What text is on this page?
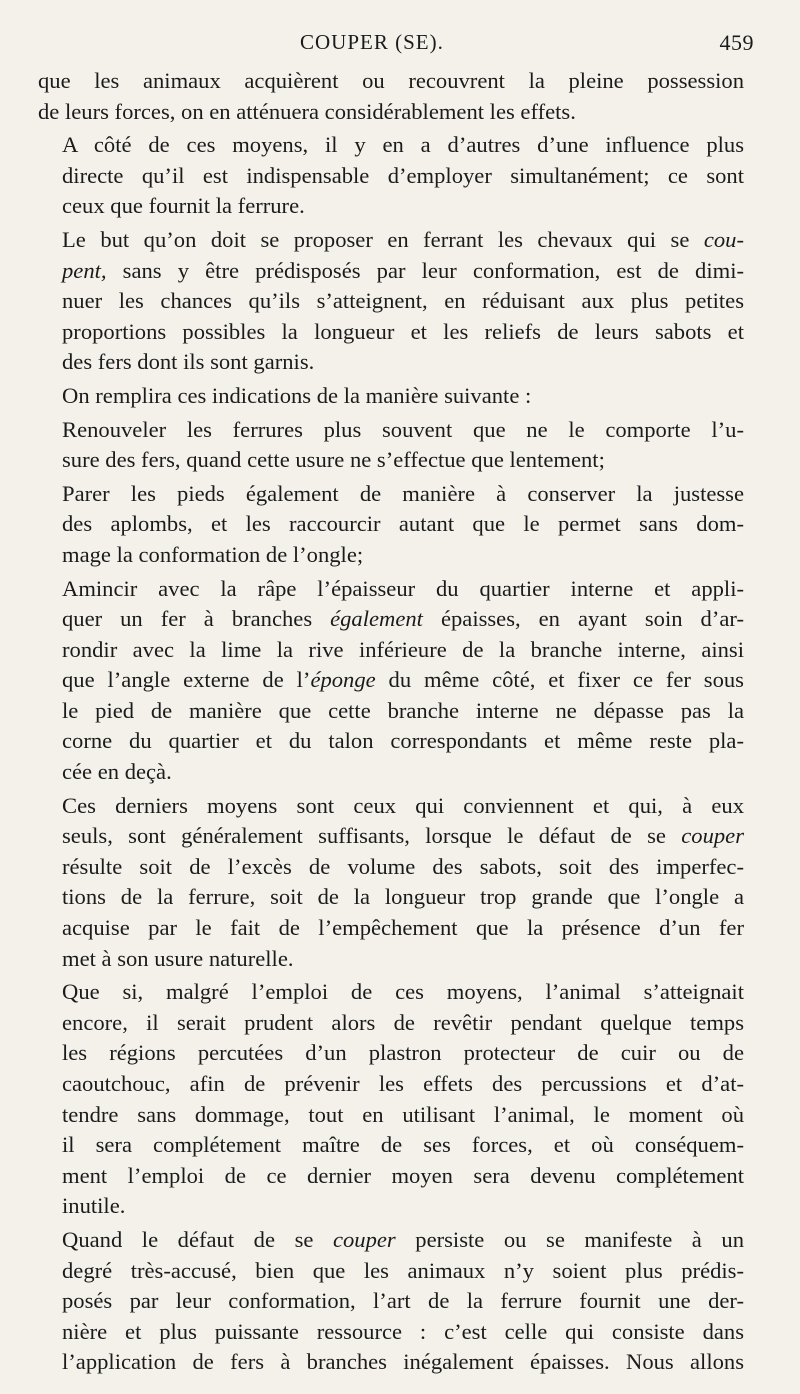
COUPER (SE).	459

que les animaux acquièrent ou recouvrent la pleine possession
de leurs forces, on en atténuera considérablement les effets.

A côté de ces moyens, il y en a d’autres d’une influence plus
directe qu’il est indispensable d’employer simultanément; ce sont
ceux que fournit la ferrure.

Le but qu’on doit se proposer en ferrant les chevaux qui se cou-
pent, sans y être prédisposés par leur conformation, est de dimi-
nuer les chances qu’ils s’atteignent, en réduisant aux plus petites
proportions possibles la longueur et les reliefs de leurs sabots et
des fers dont ils sont garnis.

On remplira ces indications de la manière suivante :

Renouveler les ferrures plus souvent que ne le comporte l’u-
sure des fers, quand cette usure ne s’effectue que lentement;

Parer les pieds également de manière à conserver la justesse
des aplombs, et les raccourcir autant que le permet sans dom-
mage la conformation de l’ongle;

Amincir avec la râpe l’épaisseur du quartier interne et appli-
quer un fer à branches également épaisses, en ayant soin d’ar-
rondir avec la lime la rive inférieure de la branche interne, ainsi
que l’angle externe de l’éponge du même côté, et fixer ce fer sous
le pied de manière que cette branche interne ne dépasse pas la
corne du quartier et du talon correspondants et même reste pla-
cée en deçà.

Ces derniers moyens sont ceux qui conviennent et qui, à eux
seuls, sont généralement suffisants, lorsque le défaut de se couper
résulte soit de l’excès de volume des sabots, soit des imperfec-
tions de la ferrure, soit de la longueur trop grande que l’ongle a
acquise par le fait de l’empêchement que la présence d’un fer
met à son usure naturelle.

Que si, malgré l’emploi de ces moyens, l’animal s’atteignait
encore, il serait prudent alors de revêtir pendant quelque temps
les régions percutées d’un plastron protecteur de cuir ou de
caoutchouc, afin de prévenir les effets des percussions et d’at-
tendre sans dommage, tout en utilisant l’animal, le moment où
il sera complétement maître de ses forces, et où conséquem-
ment l’emploi de ce dernier moyen sera devenu complétement
inutile.

Quand le défaut de se couper persiste ou se manifeste à un
degré très-accusé, bien que les animaux n’y soient plus prédis-
posés par leur conformation, l’art de la ferrure fournit une der-
nière et plus puissante ressource : c’est celle qui consiste dans
l’application de fers à branches inégalement épaisses. Nous allons
